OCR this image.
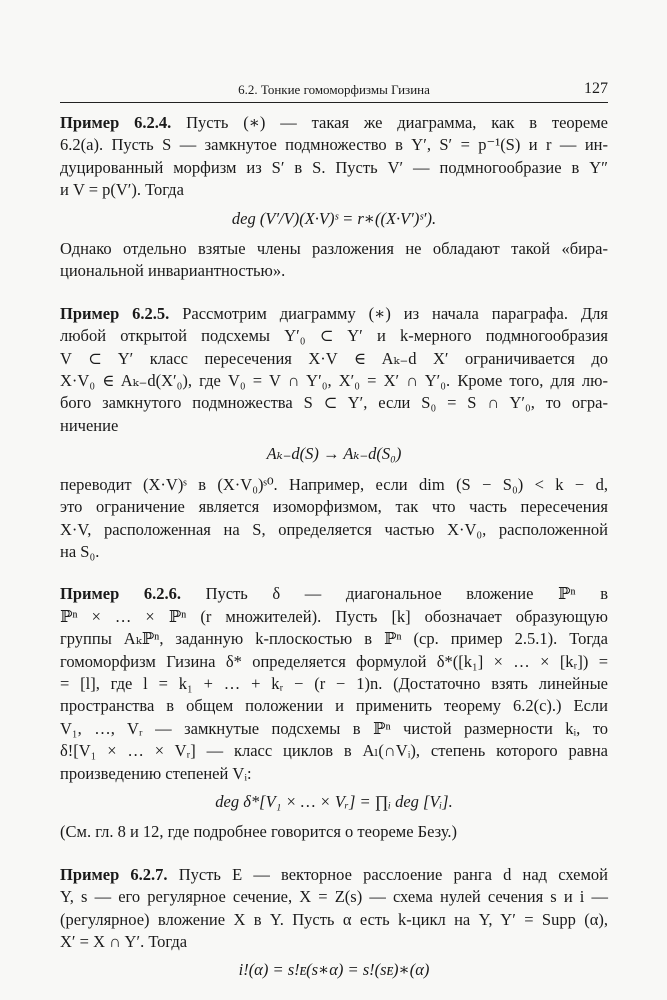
6.2. Тонкие гомоморфизмы Гизина	127
Пример 6.2.4. Пусть (∗) — такая же диаграмма, как в теореме
6.2(a). Пусть S — замкнутое подмножество в Y′, S′ = p⁻¹(S) и r — ин-
дуцированный морфизм из S′ в S. Пусть V′ — подмногообразие в Y″
и V = p(V′). Тогда
deg (V′/V)(X·V)ˢ = r∗((X·V′)ˢ′).
Однако отдельно взятые члены разложения не обладают такой «бира-
циональной инвариантностью».
Пример 6.2.5. Рассмотрим диаграмму (∗) из начала параграфа. Для
любой открытой подсхемы Y′₀ ⊂ Y′ и k-мерного подмногообразия
V ⊂ Y′ класс пересечения X·V ∈ Aₖ₋d X′ ограничивается до
X·V₀ ∈ Aₖ₋d(X′₀), где V₀ = V ∩ Y′₀, X′₀ = X′ ∩ Y′₀. Кроме того, для лю-
бого замкнутого подмножества S ⊂ Y′, если S₀ = S ∩ Y′₀, то огра-
ничение
Aₖ₋d(S) → Aₖ₋d(S₀)
переводит (X·V)ˢ в (X·V₀)ˢ⁰. Например, если dim (S − S₀) < k − d,
это ограничение является изоморфизмом, так что часть пересечения
X·V, расположенная на S, определяется частью X·V₀, расположенной
на S₀.
Пример 6.2.6. Пусть δ — диагональное вложение ℙⁿ в
ℙⁿ × … × ℙⁿ (r множителей). Пусть [k] обозначает образующую
группы Aₖℙⁿ, заданную k-плоскостью в ℙⁿ (ср. пример 2.5.1). Тогда
гомоморфизм Гизина δ* определяется формулой δ*([k₁] × … × [kᵣ]) =
= [l], где l = k₁ + … + kᵣ − (r − 1)n. (Достаточно взять линейные
пространства в общем положении и применить теорему 6.2(c).) Если
V₁, …, Vᵣ — замкнутые подсхемы в ℙⁿ чистой размерности kᵢ, то
δ![V₁ × … × Vᵣ] — класс циклов в Aₗ(∩Vᵢ), степень которого равна
произведению степеней Vᵢ:
deg δ*[V₁ × … × Vᵣ] = ∏ᵢ deg [Vᵢ].
(См. гл. 8 и 12, где подробнее говорится о теореме Безу.)
Пример 6.2.7. Пусть E — векторное расслоение ранга d над схемой
Y, s — его регулярное сечение, X = Z(s) — схема нулей сечения s и i —
(регулярное) вложение X в Y. Пусть α есть k-цикл на Y, Y′ = Supp (α),
X′ = X ∩ Y′. Тогда
i!(α) = s!ᴇ(s∗α) = s!(sᴇ)∗(α)
